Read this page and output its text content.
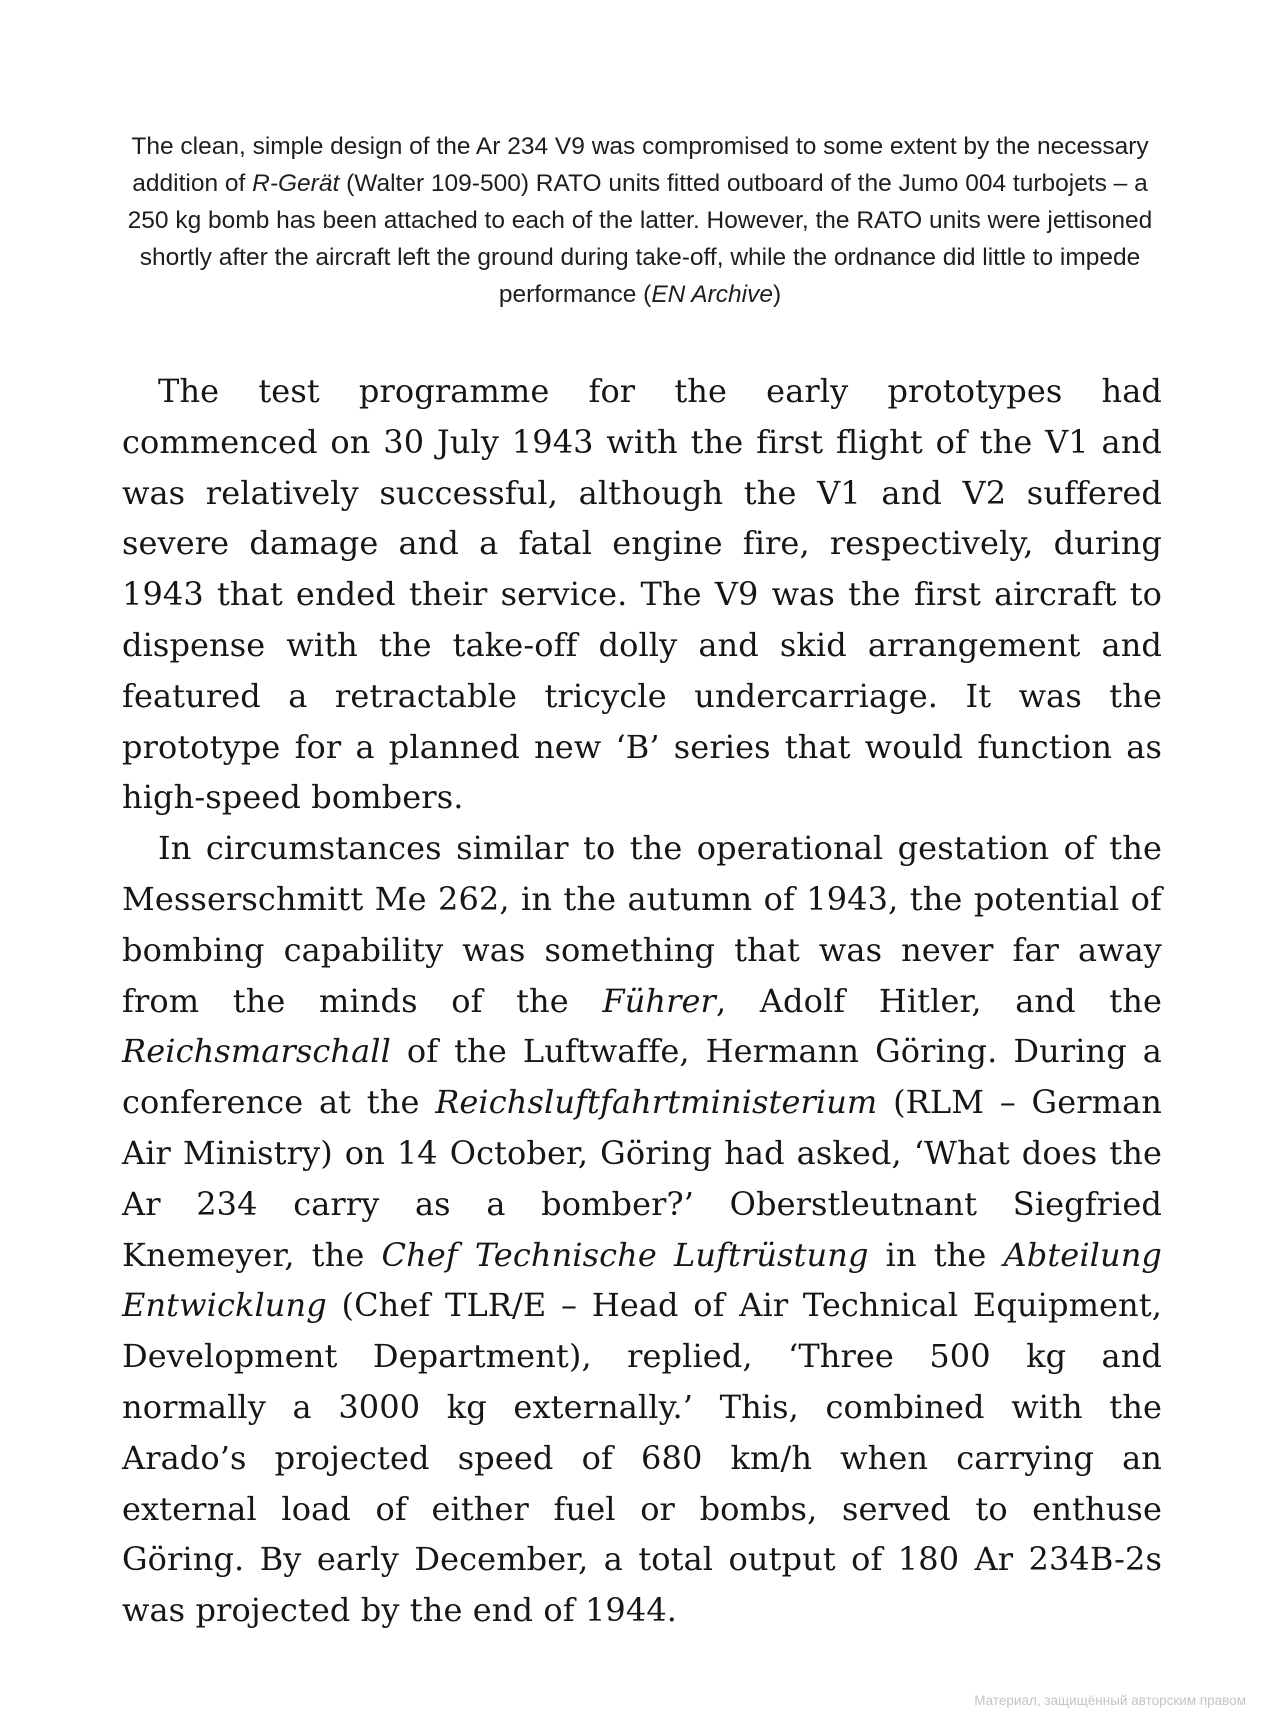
The clean, simple design of the Ar 234 V9 was compromised to some extent by the necessary addition of R-Gerät (Walter 109-500) RATO units fitted outboard of the Jumo 004 turbojets – a 250 kg bomb has been attached to each of the latter. However, the RATO units were jettisoned shortly after the aircraft left the ground during take-off, while the ordnance did little to impede performance (EN Archive)

The test programme for the early prototypes had commenced on 30 July 1943 with the first flight of the V1 and was relatively successful, although the V1 and V2 suffered severe damage and a fatal engine fire, respectively, during 1943 that ended their service. The V9 was the first aircraft to dispense with the take-off dolly and skid arrangement and featured a retractable tricycle undercarriage. It was the prototype for a planned new ‘B’ series that would function as high-speed bombers.

In circumstances similar to the operational gestation of the Messerschmitt Me 262, in the autumn of 1943, the potential of bombing capability was something that was never far away from the minds of the Führer, Adolf Hitler, and the Reichsmarschall of the Luftwaffe, Hermann Göring. During a conference at the Reichsluftfahrtministerium (RLM – German Air Ministry) on 14 October, Göring had asked, ‘What does the Ar 234 carry as a bomber?’ Oberstleutnant Siegfried Knemeyer, the Chef Technische Luftrüstung in the Abteilung Entwicklung (Chef TLR/E – Head of Air Technical Equipment, Development Department), replied, ‘Three 500 kg and normally a 3000 kg externally.’ This, combined with the Arado’s projected speed of 680 km/h when carrying an external load of either fuel or bombs, served to enthuse Göring. By early December, a total output of 180 Ar 234B-2s was projected by the end of 1944.

Материал, защищённый авторским правом
